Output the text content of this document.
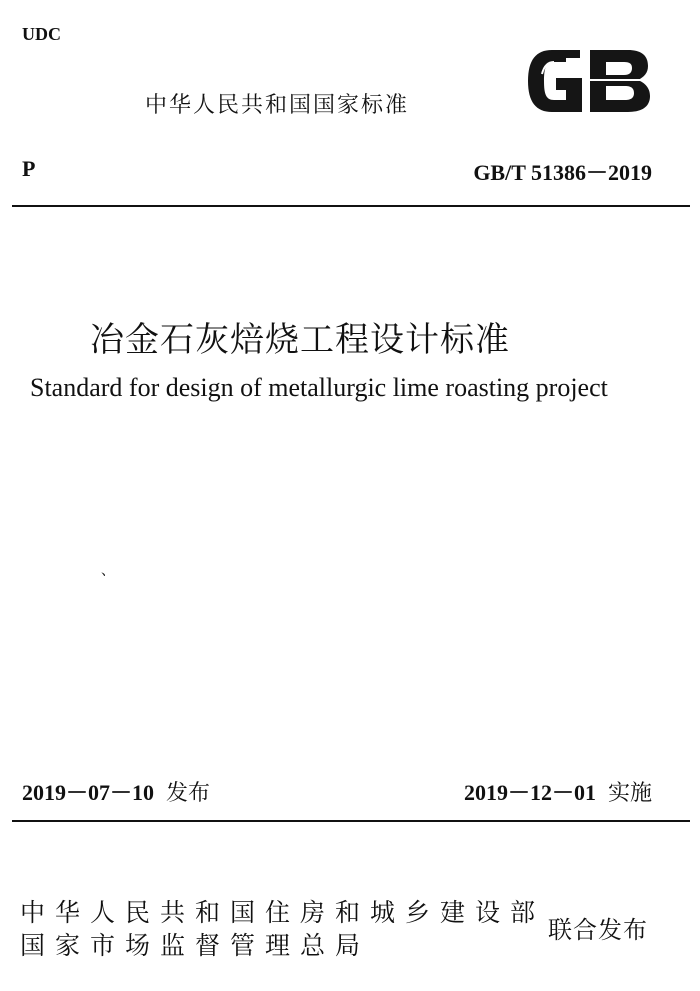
UDC
中华人民共和国国家标准
P	GB/T 51386－2019
冶金石灰焙烧工程设计标准
Standard for design of metallurgic lime roasting project
、
2019－07－10 发布	2019－12－01 实施
中华人民共和国住房和城乡建设部
国家市场监督管理总局
联合发布
